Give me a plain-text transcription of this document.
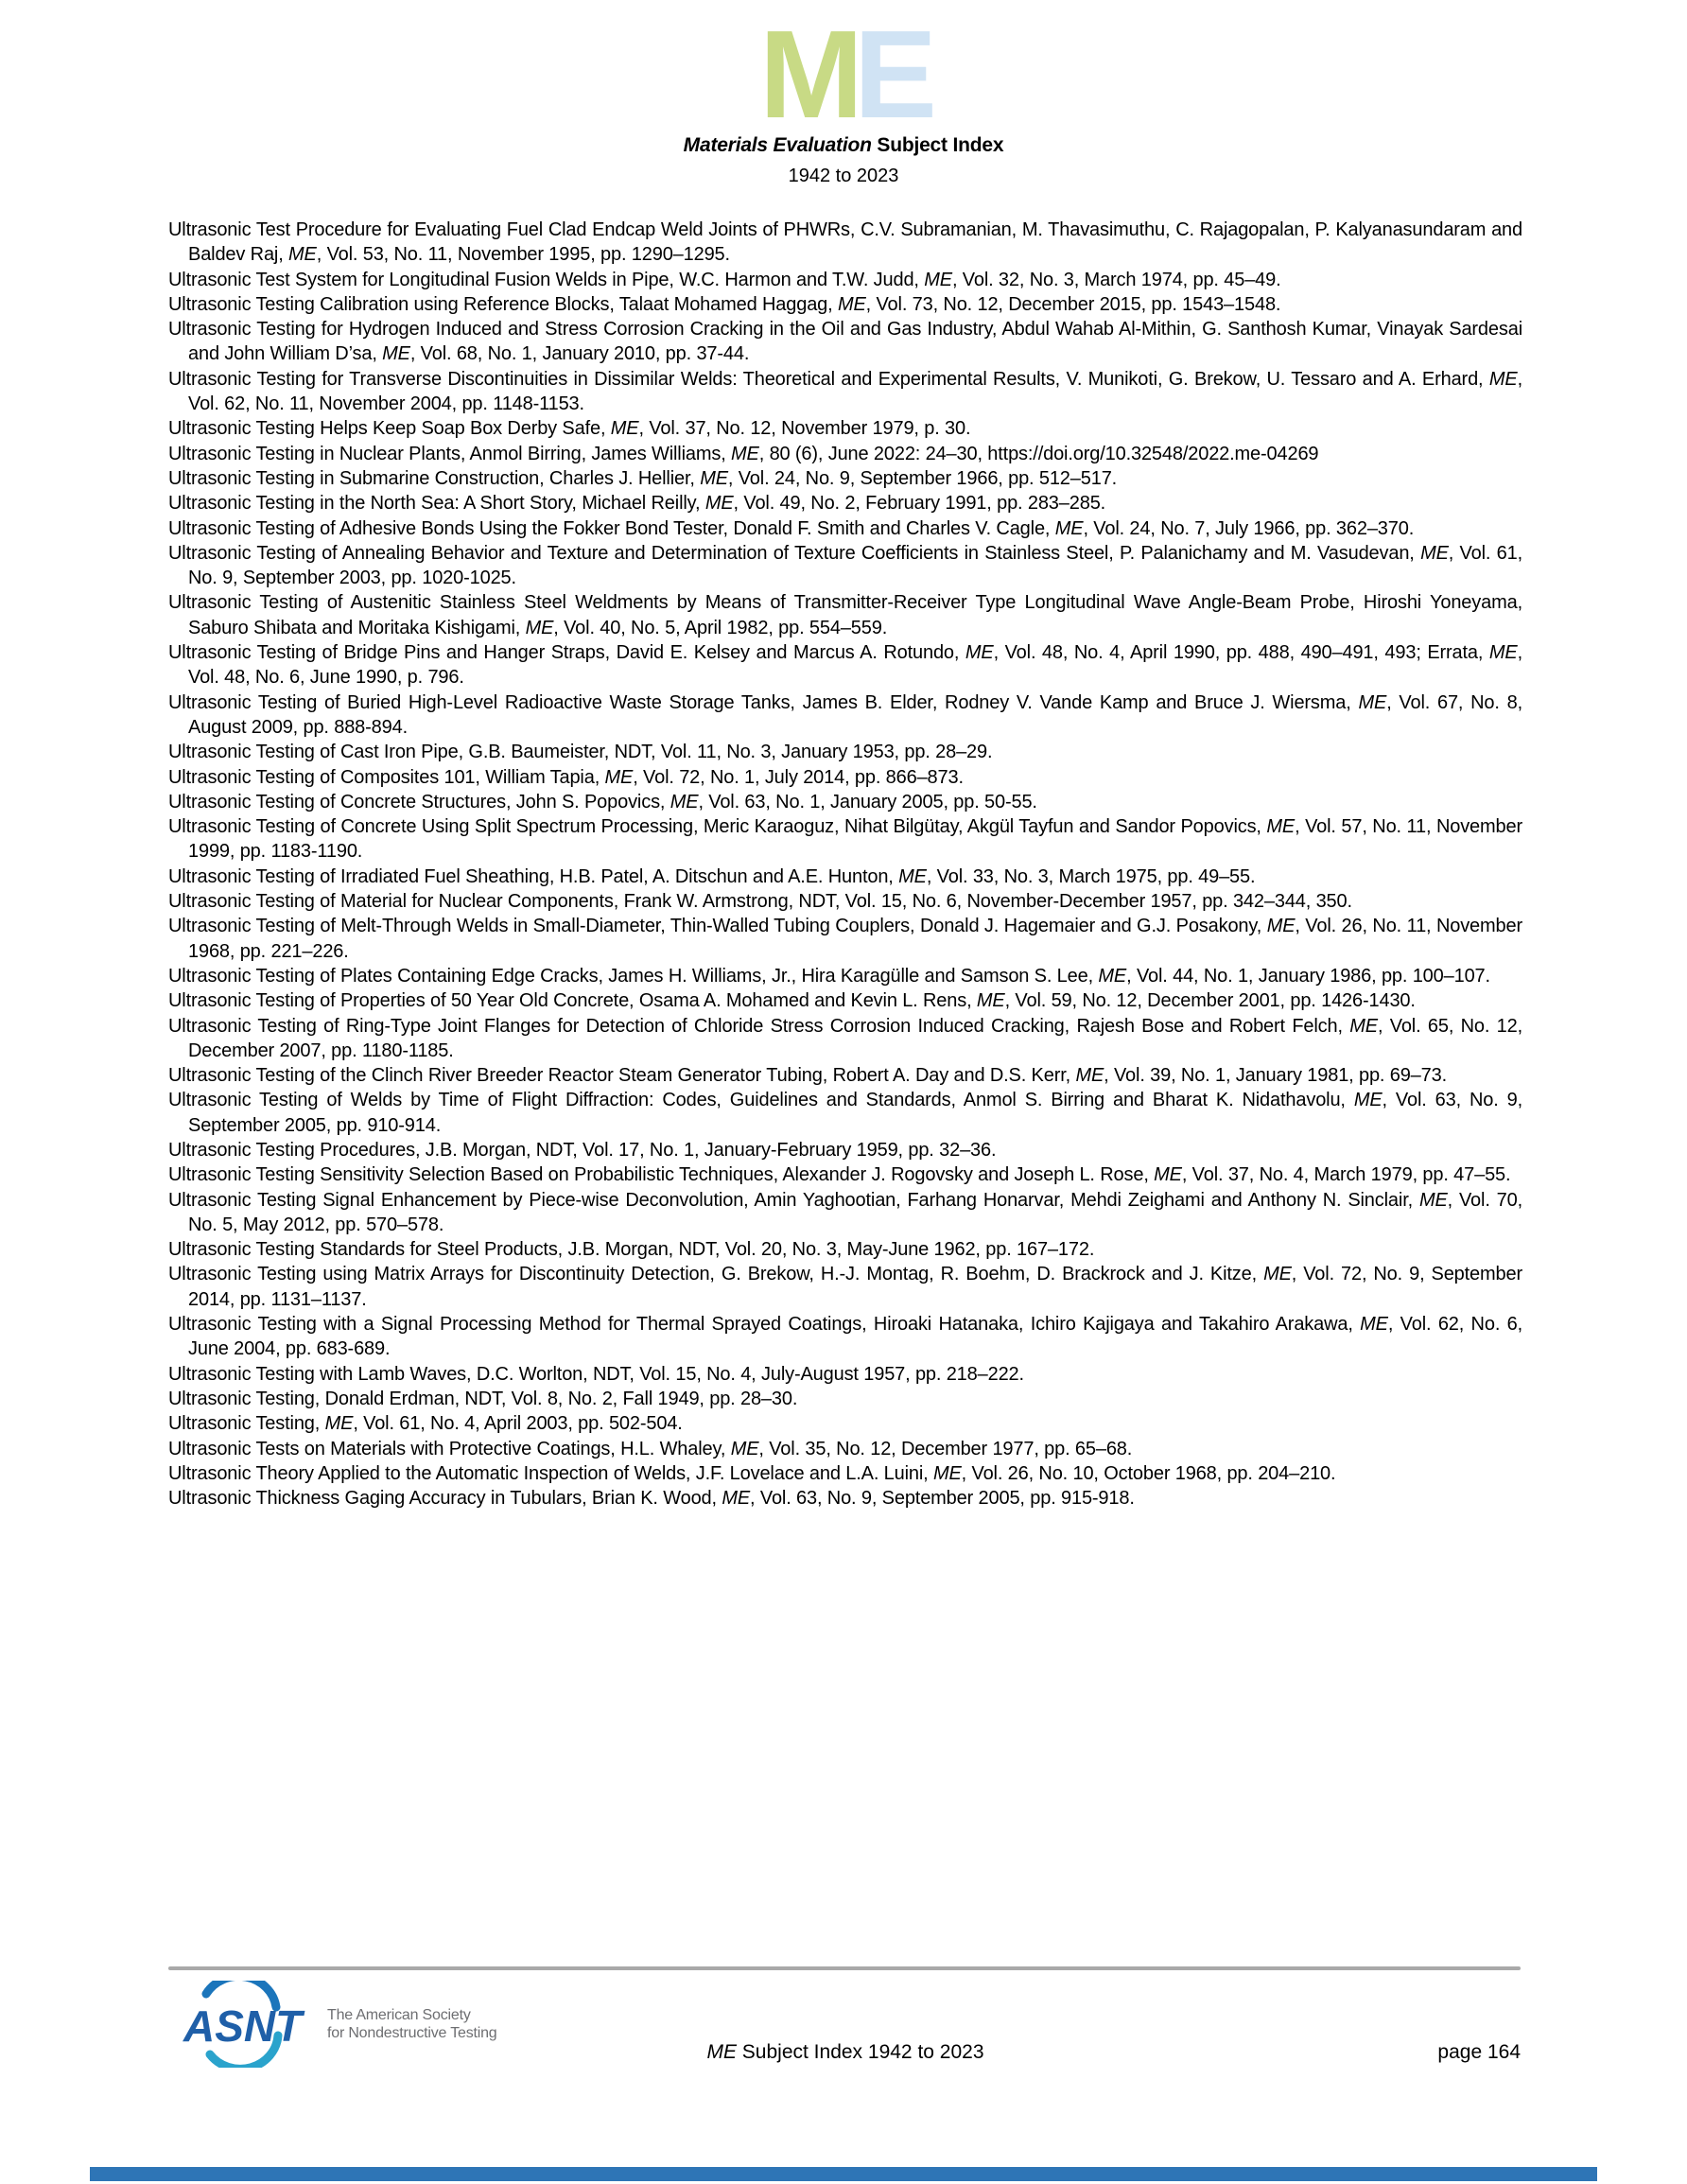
ME
Materials Evaluation Subject Index
1942 to 2023
Ultrasonic Test Procedure for Evaluating Fuel Clad Endcap Weld Joints of PHWRs, C.V. Subramanian, M. Thavasimuthu, C. Rajagopalan, P. Kalyanasundaram and Baldev Raj, ME, Vol. 53, No. 11, November 1995, pp. 1290–1295.
Ultrasonic Test System for Longitudinal Fusion Welds in Pipe, W.C. Harmon and T.W. Judd, ME, Vol. 32, No. 3, March 1974, pp. 45–49.
Ultrasonic Testing Calibration using Reference Blocks, Talaat Mohamed Haggag, ME, Vol. 73, No. 12, December 2015, pp. 1543–1548.
Ultrasonic Testing for Hydrogen Induced and Stress Corrosion Cracking in the Oil and Gas Industry, Abdul Wahab Al-Mithin, G. Santhosh Kumar, Vinayak Sardesai and John William D’sa, ME, Vol. 68, No. 1, January 2010, pp. 37-44.
Ultrasonic Testing for Transverse Discontinuities in Dissimilar Welds: Theoretical and Experimental Results, V. Munikoti, G. Brekow, U. Tessaro and A. Erhard, ME, Vol. 62, No. 11, November 2004, pp. 1148-1153.
Ultrasonic Testing Helps Keep Soap Box Derby Safe, ME, Vol. 37, No. 12, November 1979, p. 30.
Ultrasonic Testing in Nuclear Plants, Anmol Birring, James Williams, ME, 80 (6), June 2022: 24–30, https://doi.org/10.32548/2022.me-04269
Ultrasonic Testing in Submarine Construction, Charles J. Hellier, ME, Vol. 24, No. 9, September 1966, pp. 512–517.
Ultrasonic Testing in the North Sea: A Short Story, Michael Reilly, ME, Vol. 49, No. 2, February 1991, pp. 283–285.
Ultrasonic Testing of Adhesive Bonds Using the Fokker Bond Tester, Donald F. Smith and Charles V. Cagle, ME, Vol. 24, No. 7, July 1966, pp. 362–370.
Ultrasonic Testing of Annealing Behavior and Texture and Determination of Texture Coefficients in Stainless Steel, P. Palanichamy and M. Vasudevan, ME, Vol. 61, No. 9, September 2003, pp. 1020-1025.
Ultrasonic Testing of Austenitic Stainless Steel Weldments by Means of Transmitter-Receiver Type Longitudinal Wave Angle-Beam Probe, Hiroshi Yoneyama, Saburo Shibata and Moritaka Kishigami, ME, Vol. 40, No. 5, April 1982, pp. 554–559.
Ultrasonic Testing of Bridge Pins and Hanger Straps, David E. Kelsey and Marcus A. Rotundo, ME, Vol. 48, No. 4, April 1990, pp. 488, 490–491, 493; Errata, ME, Vol. 48, No. 6, June 1990, p. 796.
Ultrasonic Testing of Buried High-Level Radioactive Waste Storage Tanks, James B. Elder, Rodney V. Vande Kamp and Bruce J. Wiersma, ME, Vol. 67, No. 8, August 2009, pp. 888-894.
Ultrasonic Testing of Cast Iron Pipe, G.B. Baumeister, NDT, Vol. 11, No. 3, January 1953, pp. 28–29.
Ultrasonic Testing of Composites 101, William Tapia, ME, Vol. 72, No. 1, July 2014, pp. 866–873.
Ultrasonic Testing of Concrete Structures, John S. Popovics, ME, Vol. 63, No. 1, January 2005, pp. 50-55.
Ultrasonic Testing of Concrete Using Split Spectrum Processing, Meric Karaoguz, Nihat Bilgütay, Akgül Tayfun and Sandor Popovics, ME, Vol. 57, No. 11, November 1999, pp. 1183-1190.
Ultrasonic Testing of Irradiated Fuel Sheathing, H.B. Patel, A. Ditschun and A.E. Hunton, ME, Vol. 33, No. 3, March 1975, pp. 49–55.
Ultrasonic Testing of Material for Nuclear Components, Frank W. Armstrong, NDT, Vol. 15, No. 6, November-December 1957, pp. 342–344, 350.
Ultrasonic Testing of Melt-Through Welds in Small-Diameter, Thin-Walled Tubing Couplers, Donald J. Hagemaier and G.J. Posakony, ME, Vol. 26, No. 11, November 1968, pp. 221–226.
Ultrasonic Testing of Plates Containing Edge Cracks, James H. Williams, Jr., Hira Karagülle and Samson S. Lee, ME, Vol. 44, No. 1, January 1986, pp. 100–107.
Ultrasonic Testing of Properties of 50 Year Old Concrete, Osama A. Mohamed and Kevin L. Rens, ME, Vol. 59, No. 12, December 2001, pp. 1426-1430.
Ultrasonic Testing of Ring-Type Joint Flanges for Detection of Chloride Stress Corrosion Induced Cracking, Rajesh Bose and Robert Felch, ME, Vol. 65, No. 12, December 2007, pp. 1180-1185.
Ultrasonic Testing of the Clinch River Breeder Reactor Steam Generator Tubing, Robert A. Day and D.S. Kerr, ME, Vol. 39, No. 1, January 1981, pp. 69–73.
Ultrasonic Testing of Welds by Time of Flight Diffraction: Codes, Guidelines and Standards, Anmol S. Birring and Bharat K. Nidathavolu, ME, Vol. 63, No. 9, September 2005, pp. 910-914.
Ultrasonic Testing Procedures, J.B. Morgan, NDT, Vol. 17, No. 1, January-February 1959, pp. 32–36.
Ultrasonic Testing Sensitivity Selection Based on Probabilistic Techniques, Alexander J. Rogovsky and Joseph L. Rose, ME, Vol. 37, No. 4, March 1979, pp. 47–55.
Ultrasonic Testing Signal Enhancement by Piece-wise Deconvolution, Amin Yaghootian, Farhang Honarvar, Mehdi Zeighami and Anthony N. Sinclair, ME, Vol. 70, No. 5, May 2012, pp. 570–578.
Ultrasonic Testing Standards for Steel Products, J.B. Morgan, NDT, Vol. 20, No. 3, May-June 1962, pp. 167–172.
Ultrasonic Testing using Matrix Arrays for Discontinuity Detection, G. Brekow, H.-J. Montag, R. Boehm, D. Brackrock and J. Kitze, ME, Vol. 72, No. 9, September 2014, pp. 1131–1137.
Ultrasonic Testing with a Signal Processing Method for Thermal Sprayed Coatings, Hiroaki Hatanaka, Ichiro Kajigaya and Takahiro Arakawa, ME, Vol. 62, No. 6, June 2004, pp. 683-689.
Ultrasonic Testing with Lamb Waves, D.C. Worlton, NDT, Vol. 15, No. 4, July-August 1957, pp. 218–222.
Ultrasonic Testing, Donald Erdman, NDT, Vol. 8, No. 2, Fall 1949, pp. 28–30.
Ultrasonic Testing, ME, Vol. 61, No. 4, April 2003, pp. 502-504.
Ultrasonic Tests on Materials with Protective Coatings, H.L. Whaley, ME, Vol. 35, No. 12, December 1977, pp. 65–68.
Ultrasonic Theory Applied to the Automatic Inspection of Welds, J.F. Lovelace and L.A. Luini, ME, Vol. 26, No. 10, October 1968, pp. 204–210.
Ultrasonic Thickness Gaging Accuracy in Tubulars, Brian K. Wood, ME, Vol. 63, No. 9, September 2005, pp. 915-918.
ASNT The American Society
for Nondestructive Testing
ME Subject Index 1942 to 2023	page 164
